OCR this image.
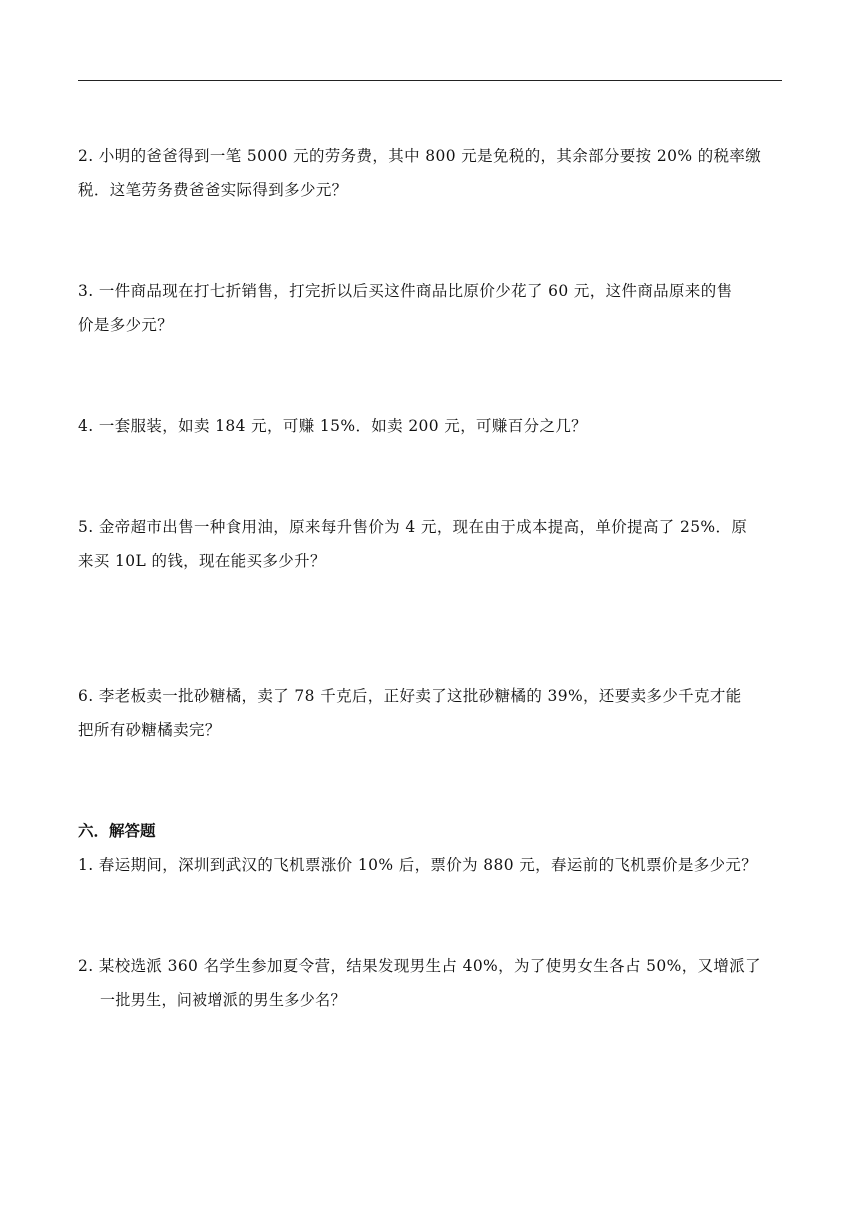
2. 小明的爸爸得到一笔 5000 元的劳务费，其中 800 元是免税的，其余部分要按 20% 的税率缴
税．这笔劳务费爸爸实际得到多少元？
3. 一件商品现在打七折销售，打完折以后买这件商品比原价少花了 60 元，这件商品原来的售
价是多少元？
4. 一套服装，如卖 184 元，可赚 15%．如卖 200 元，可赚百分之几？
5. 金帝超市出售一种食用油，原来每升售价为 4 元，现在由于成本提高，单价提高了 25%．原
来买 10L 的钱，现在能买多少升？
6. 李老板卖一批砂糖橘，卖了 78 千克后，正好卖了这批砂糖橘的 39%，还要卖多少千克才能
把所有砂糖橘卖完？
六．解答题
1. 春运期间，深圳到武汉的飞机票涨价 10% 后，票价为 880 元，春运前的飞机票价是多少元？
2. 某校选派 360 名学生参加夏令营，结果发现男生占 40%，为了使男女生各占 50%，又增派了
一批男生，问被增派的男生多少名？
